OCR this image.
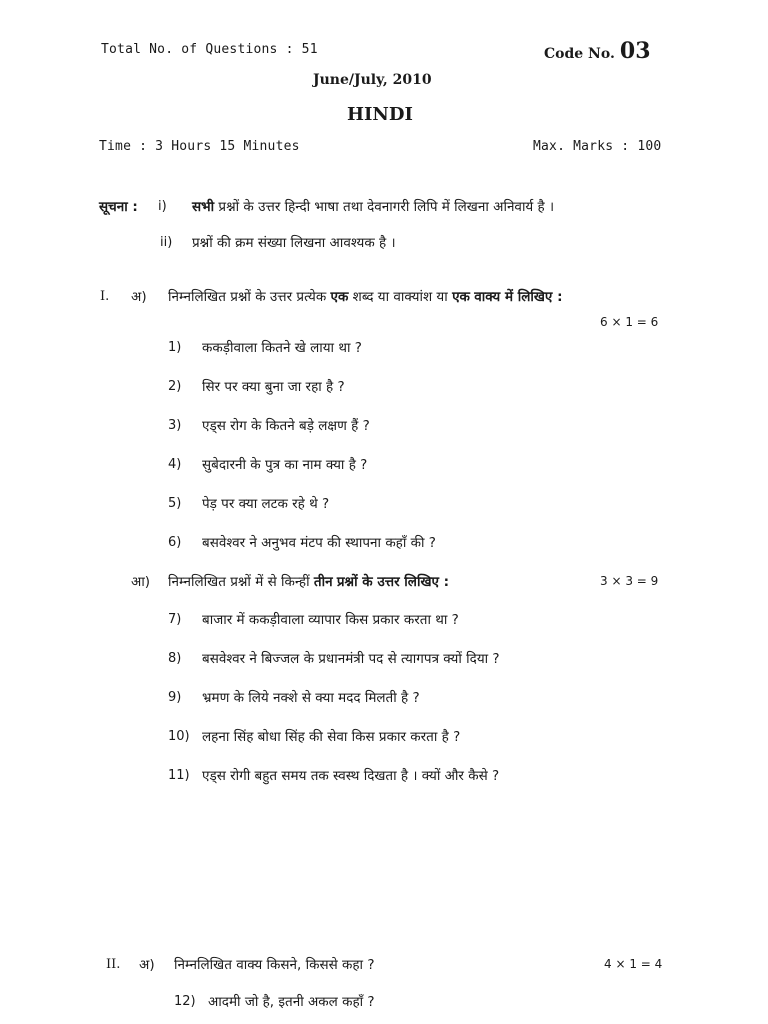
Total No. of Questions : 51	Code No. 03
June/July, 2010
HINDI
Time : 3 Hours 15 Minutes	Max. Marks : 100
सूचना : i) सभी प्रश्नों के उत्तर हिन्दी भाषा तथा देवनागरी लिपि में लिखना अनिवार्य है ।
ii) प्रश्नों की क्रम संख्या लिखना आवश्यक है ।
I. अ) निम्नलिखित प्रश्नों के उत्तर प्रत्येक एक शब्द या वाक्यांश या एक वाक्य में लिखिए :
6 × 1 = 6
1) ककड़ीवाला कितने खे लाया था ?
2) सिर पर क्या बुना जा रहा है ?
3) एड्स रोग के कितने बड़े लक्षण हैं ?
4) सुबेदारनी के पुत्र का नाम क्या है ?
5) पेड़ पर क्या लटक रहे थे ?
6) बसवेश्वर ने अनुभव मंटप की स्थापना कहाँ की ?
आ) निम्नलिखित प्रश्नों में से किन्हीं तीन प्रश्नों के उत्तर लिखिए :	3 × 3 = 9
7) बाजार में ककड़ीवाला व्यापार किस प्रकार करता था ?
8) बसवेश्वर ने बिज्जल के प्रधानमंत्री पद से त्यागपत्र क्यों दिया ?
9) भ्रमण के लिये नक्शे से क्या मदद मिलती है ?
10) लहना सिंह बोधा सिंह की सेवा किस प्रकार करता है ?
11) एड्स रोगी बहुत समय तक स्वस्थ दिखता है । क्यों और कैसे ?
II. अ) निम्नलिखित वाक्य किसने, किससे कहा ?	4 × 1 = 4
12) आदमी जो है, इतनी अकल कहाँ ?
